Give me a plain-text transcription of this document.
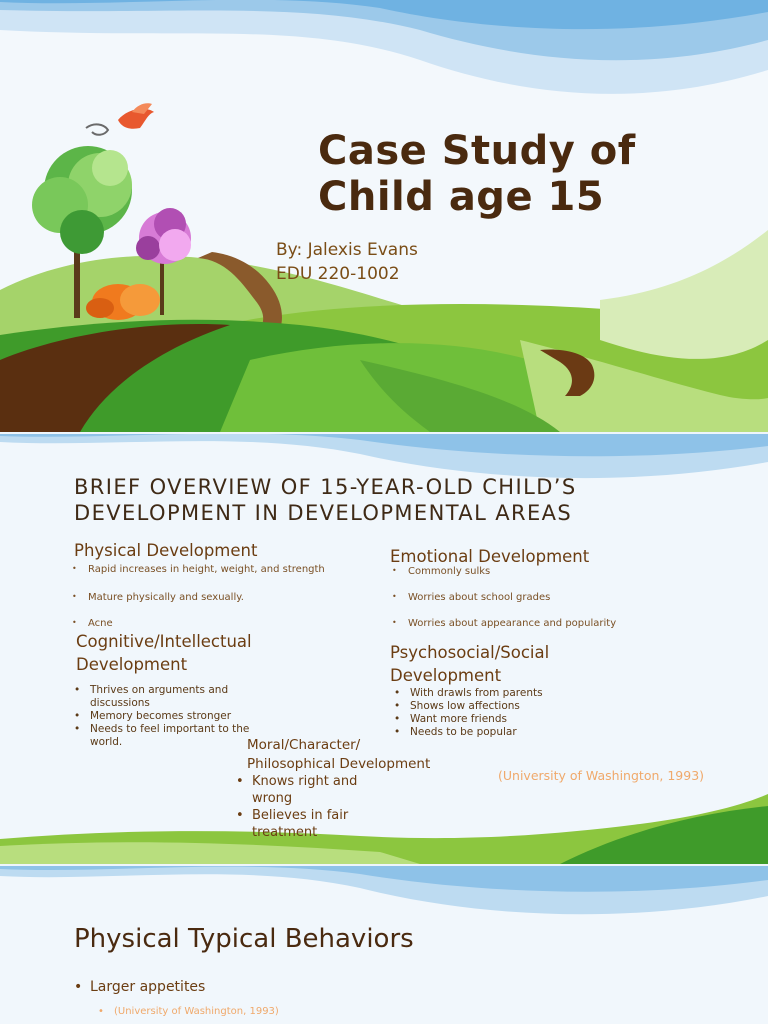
Case Study of
Child age 15
By: Jalexis Evans
EDU 220-1002
BRIEF OVERVIEW OF 15-YEAR-OLD CHILD’S
DEVELOPMENT IN DEVELOPMENTAL AREAS
Physical Development
• Rapid increases in height, weight, and strength
• Mature physically and sexually.
• Acne
Emotional Development
• Commonly sulks
• Worries about school grades
• Worries about appearance and popularity
Cognitive/Intellectual
Development
• Thrives on arguments and discussions
• Memory becomes stronger
• Needs to feel important to the world.
Psychosocial/Social
Development
• With drawls from parents
• Shows low affections
• Want more friends
• Needs to be popular
Moral/Character/
Philosophical Development
• Knows right and wrong
• Believes in fair treatment
(University of Washington, 1993)
Physical Typical Behaviors
• Larger appetites
• (University of Washington, 1993)
